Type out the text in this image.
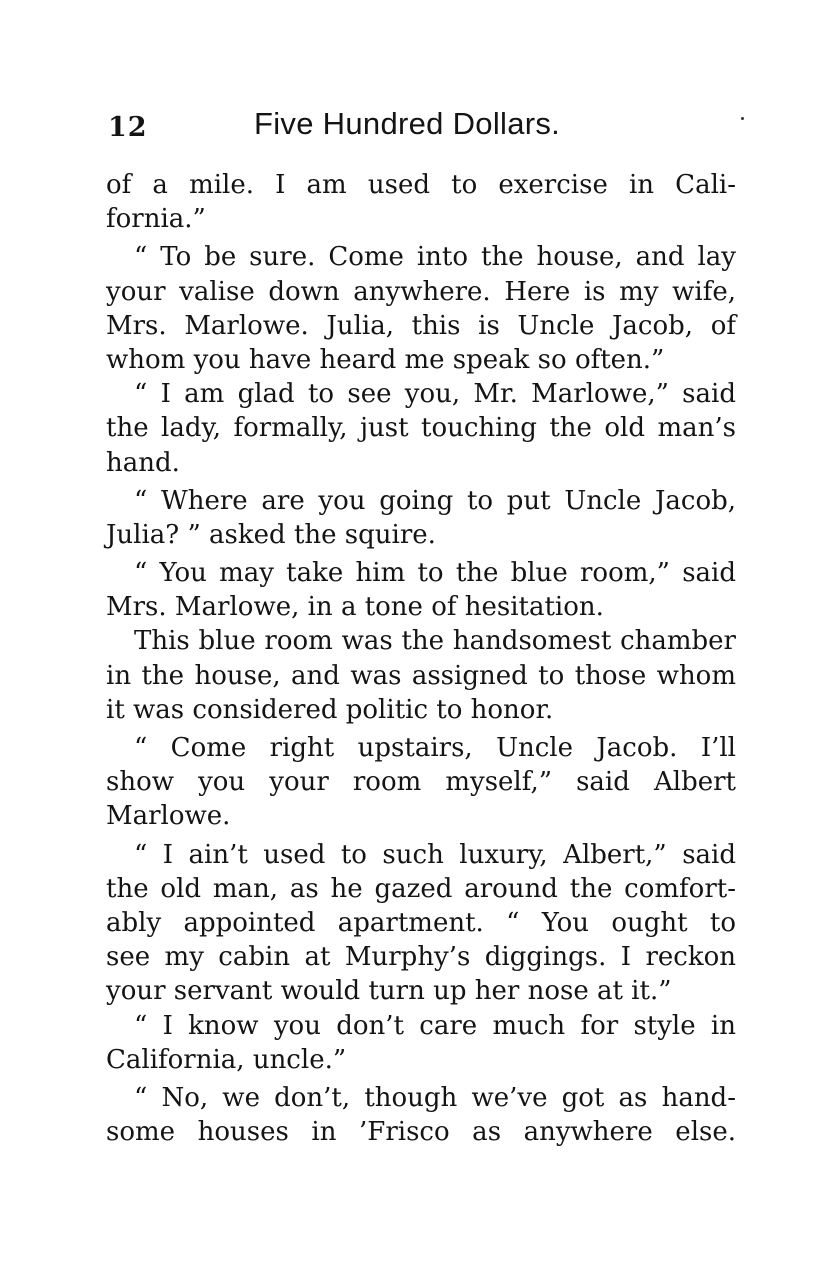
12	Five Hundred Dollars.
of a mile. I am used to exercise in Cali-
fornia.”
“ To be sure. Come into the house, and lay
your valise down anywhere. Here is my wife,
Mrs. Marlowe. Julia, this is Uncle Jacob, of
whom you have heard me speak so often.”
“ I am glad to see you, Mr. Marlowe,” said
the lady, formally, just touching the old man’s
hand.
“ Where are you going to put Uncle Jacob,
Julia? ” asked the squire.
“ You may take him to the blue room,” said
Mrs. Marlowe, in a tone of hesitation.
This blue room was the handsomest chamber
in the house, and was assigned to those whom
it was considered politic to honor.
“ Come right upstairs, Uncle Jacob. I’ll
show you your room myself,” said Albert
Marlowe.
“ I ain’t used to such luxury, Albert,” said
the old man, as he gazed around the comfort-
ably appointed apartment. “ You ought to
see my cabin at Murphy’s diggings. I reckon
your servant would turn up her nose at it.”
“ I know you don’t care much for style in
California, uncle.”
“ No, we don’t, though we’ve got as hand-
some houses in ’Frisco as anywhere else.
